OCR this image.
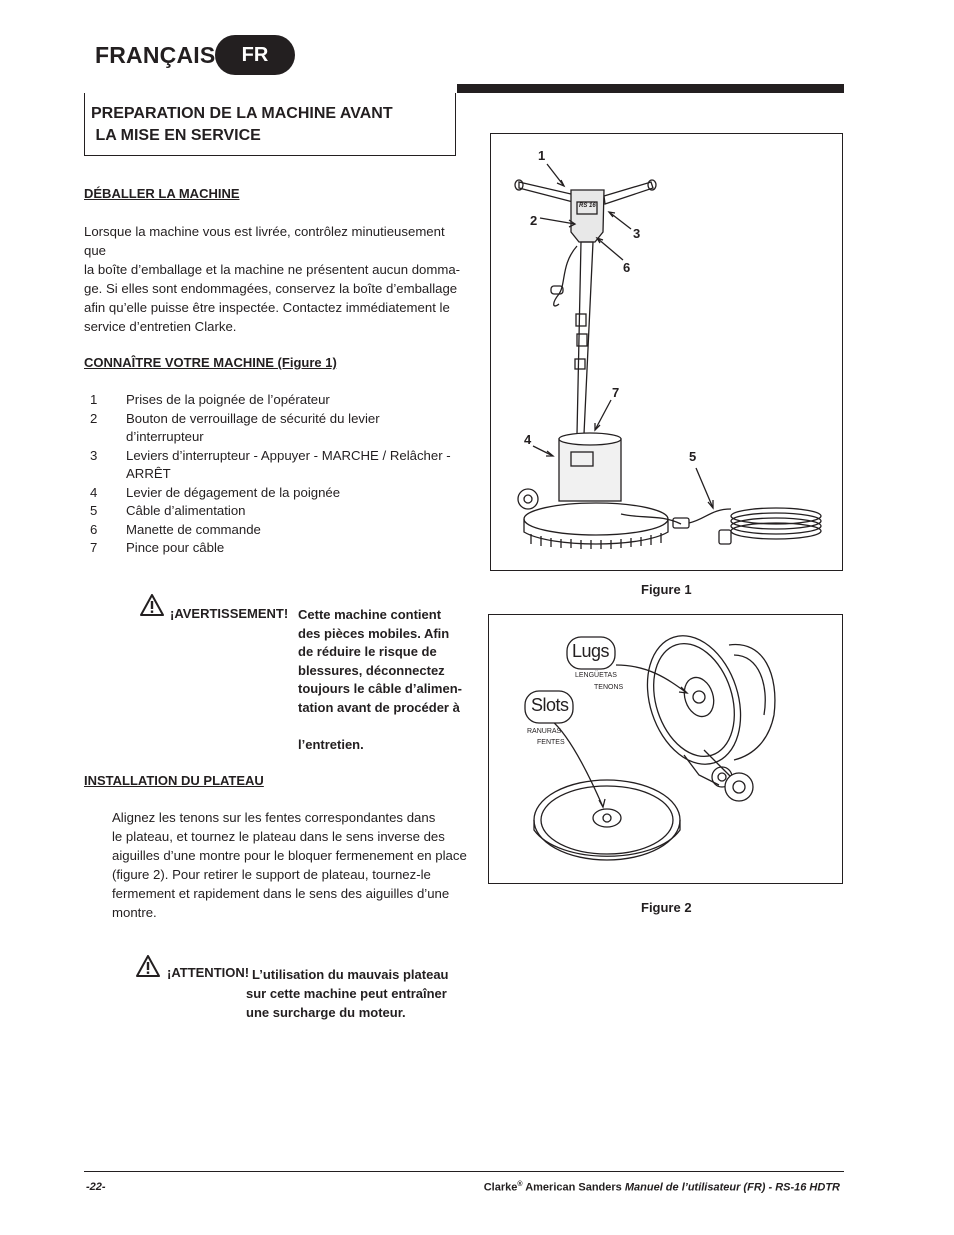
FRANÇAIS	FR
PREPARATION DE LA MACHINE AVANT
LA MISE EN SERVICE
DÉBALLER LA MACHINE
Lorsque la machine vous est livrée, contrôlez minutieusement que
la boîte d’emballage et la machine ne présentent aucun domma-
ge. Si elles sont endommagées, conservez la boîte d’emballage
afin qu’elle puisse être inspectée. Contactez immédiatement le
service d’entretien Clarke.
CONNAÎTRE VOTRE MACHINE (Figure 1)
1 Prises de la poignée de l’opérateur
2 Bouton de verrouillage de sécurité du levier d’interrupteur
3 Leviers d’interrupteur - Appuyer - MARCHE / Relâcher -
ARRÊT
4 Levier de dégagement de la poignée
5 Câble d’alimentation
6 Manette de commande
7 Pince pour câble
¡AVERTISSEMENT! Cette machine contient
des pièces mobiles. Afin
de réduire le risque de
blessures, déconnectez
toujours le câble d’alimen-
tation avant de procéder à
l’entretien.
INSTALLATION DU PLATEAU
Alignez les tenons sur les fentes correspondantes dans
le plateau, et tournez le plateau dans le sens inverse des
aiguilles d’une montre pour le bloquer fermenement en place
(figure 2). Pour retirer le support de plateau, tournez-le
fermement et rapidement dans le sens des aiguilles d’une
montre.
¡ATTENTION! L’utilisation du mauvais plateau
sur cette machine peut entraîner
une surcharge du moteur.
1
2
3
4
5
6
7
RS 16
Figure 1
Lugs
LENGÜETAS
TENONS
Slots
RANURAS
FENTES
Figure 2
-22-	Clarke® American Sanders Manuel de l’utilisateur (FR) - RS-16 HDTR
